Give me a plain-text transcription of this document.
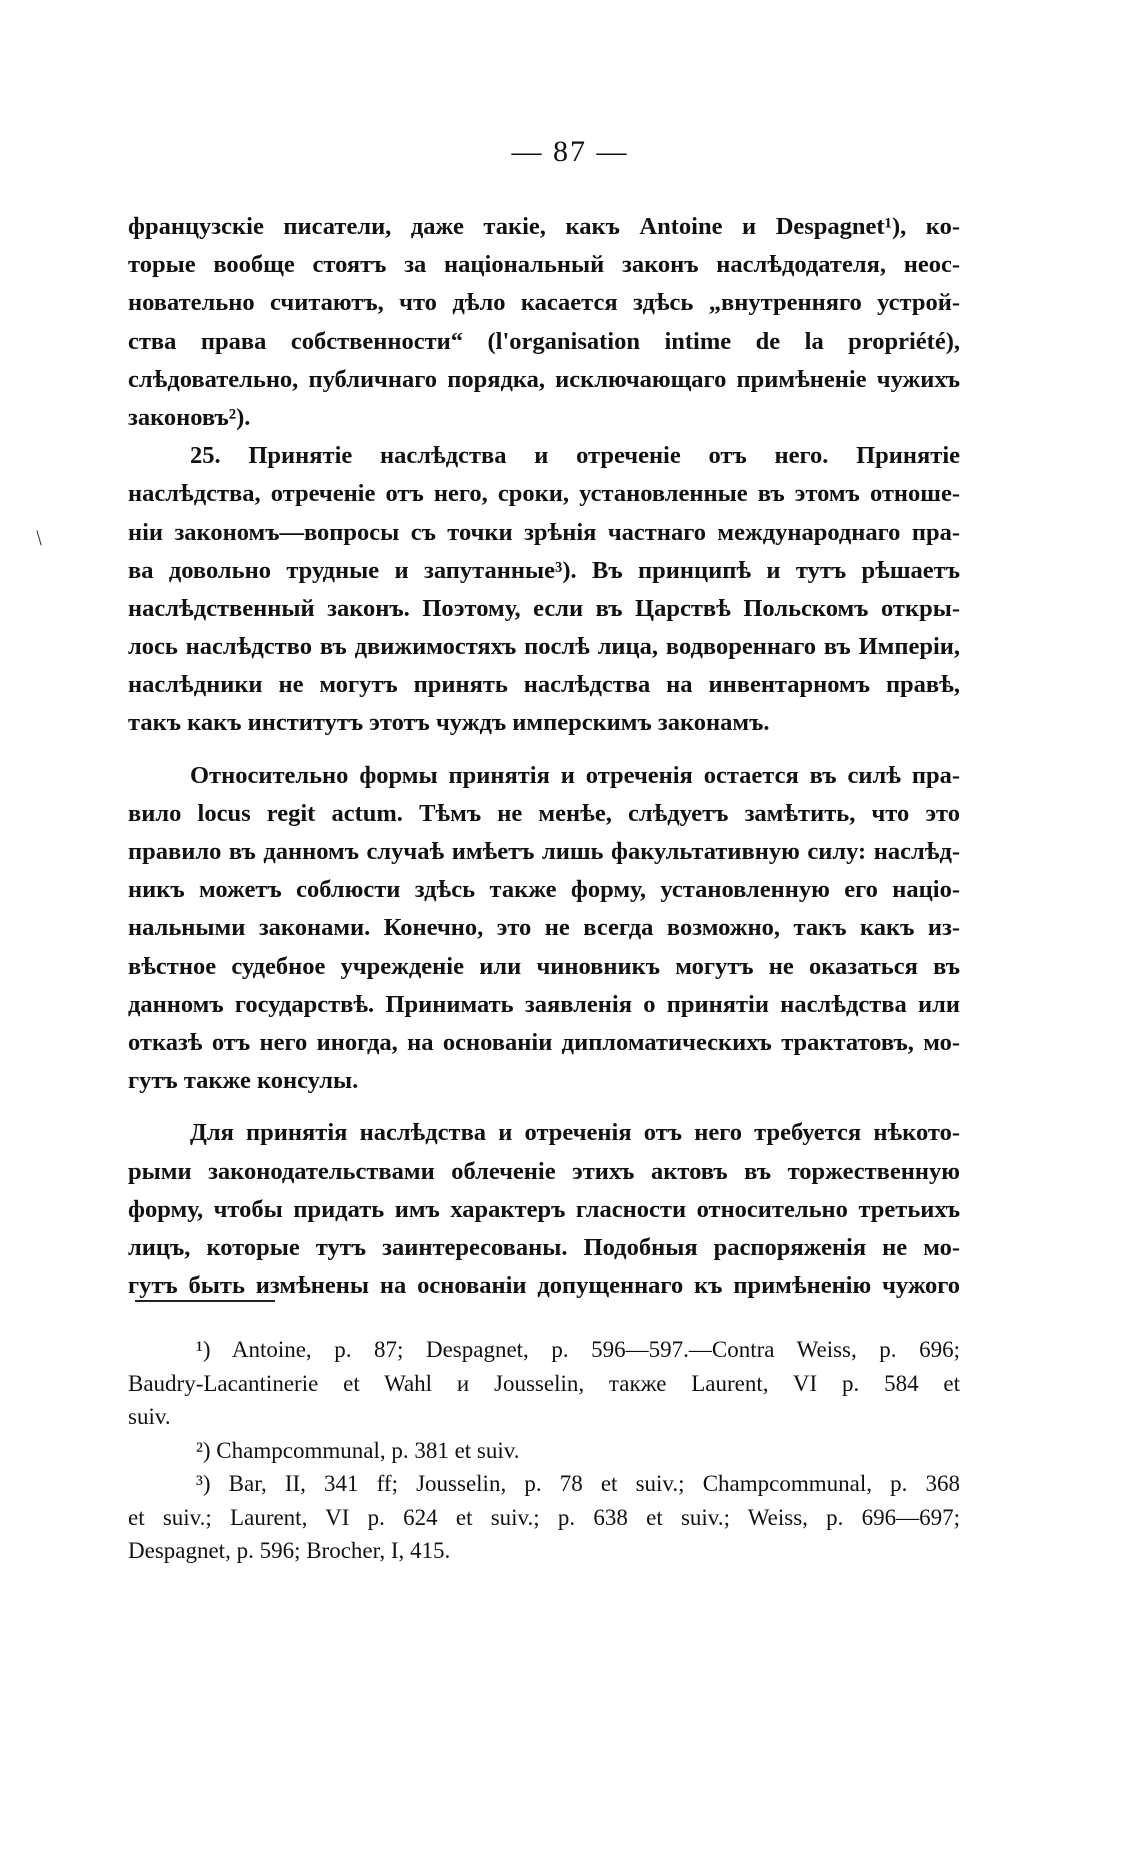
— 87 —
/
французскіе писатели, даже такіе, какъ Antoine и Despagnet¹), ко-
торые вообще стоятъ за національный законъ наслѣдодателя, неос-
новательно считаютъ, что дѣло касается здѣсь „внутренняго устрой-
ства права собственности“ (l'organisation intime de la propriété),
слѣдовательно, публичнаго порядка, исключающаго примѣненіе чужихъ
законовъ²).
25. Принятіе наслѣдства и отреченіе отъ него. Принятіе
наслѣдства, отреченіе отъ него, сроки, установленные въ этомъ отноше-
ніи закономъ—вопросы съ точки зрѣнія частнаго международнаго пра-
ва довольно трудные и запутанные³). Въ принципѣ и тутъ рѣшаетъ
наслѣдственный законъ. Поэтому, если въ Царствѣ Польскомъ откры-
лось наслѣдство въ движимостяхъ послѣ лица, водвореннаго въ Имперіи,
наслѣдники не могутъ принять наслѣдства на инвентарномъ правѣ,
такъ какъ институтъ этотъ чуждъ имперскимъ законамъ.
Относительно формы принятія и отреченія остается въ силѣ пра-
вило locus regit actum. Тѣмъ не менѣе, слѣдуетъ замѣтить, что это
правило въ данномъ случаѣ имѣетъ лишь факультативную силу: наслѣд-
никъ можетъ соблюсти здѣсь также форму, установленную его націо-
нальными законами. Конечно, это не всегда возможно, такъ какъ из-
вѣстное судебное учрежденіе или чиновникъ могутъ не оказаться въ
данномъ государствѣ. Принимать заявленія о принятіи наслѣдства или
отказѣ отъ него иногда, на основаніи дипломатическихъ трактатовъ, мо-
гутъ также консулы.
Для принятія наслѣдства и отреченія отъ него требуется нѣкото-
рыми законодательствами облеченіе этихъ актовъ въ торжественную
форму, чтобы придать имъ характеръ гласности относительно третьихъ
лицъ, которые тутъ заинтересованы. Подобныя распоряженія не мо-
гутъ быть измѣнены на основаніи допущеннаго къ примѣненію чужого
¹) Antoine, p. 87; Despagnet, p. 596—597.—Contra Weiss, p. 696;
Baudry-Lacantinerie et Wahl и Jousselin, также Laurent, VI p. 584 et
suiv.
²) Champcommunal, p. 381 et suiv.
³) Bar, II, 341 ff; Jousselin, p. 78 et suiv.; Champcommunal, p. 368
et suiv.; Laurent, VI p. 624 et suiv.; p. 638 et suiv.; Weiss, p. 696—697;
Despagnet, p. 596; Brocher, I, 415.
